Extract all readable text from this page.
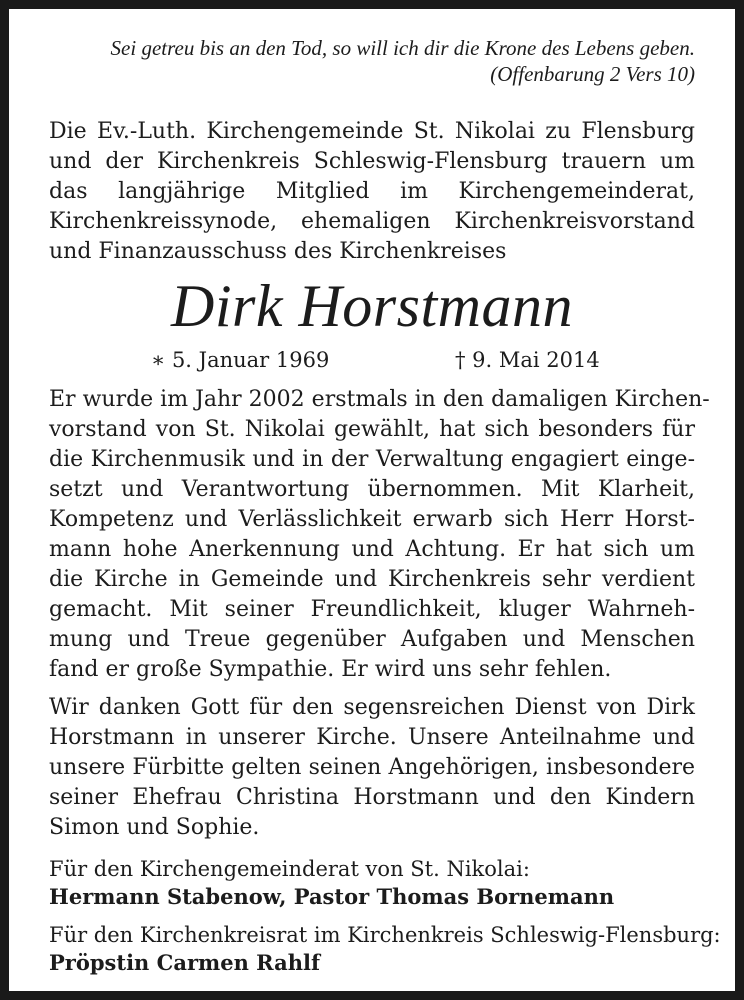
Sei getreu bis an den Tod, so will ich dir die Krone des Lebens geben.
(Offenbarung 2 Vers 10)
Die Ev.-Luth. Kirchengemeinde St. Nikolai zu Flensburg
und der Kirchenkreis Schleswig-Flensburg trauern um
das langjährige Mitglied im Kirchengemeinderat,
Kirchenkreissynode, ehemaligen Kirchenkreisvorstand
und Finanzausschuss des Kirchenkreises
Dirk Horstmann
∗ 5. Januar 1969	† 9. Mai 2014
Er wurde im Jahr 2002 erstmals in den damaligen Kirchen-
vorstand von St. Nikolai gewählt, hat sich besonders für
die Kirchenmusik und in der Verwaltung engagiert einge-
setzt und Verantwortung übernommen. Mit Klarheit,
Kompetenz und Verlässlichkeit erwarb sich Herr Horst-
mann hohe Anerkennung und Achtung. Er hat sich um
die Kirche in Gemeinde und Kirchenkreis sehr verdient
gemacht. Mit seiner Freundlichkeit, kluger Wahrneh-
mung und Treue gegenüber Aufgaben und Menschen
fand er große Sympathie. Er wird uns sehr fehlen.
Wir danken Gott für den segensreichen Dienst von Dirk
Horstmann in unserer Kirche. Unsere Anteilnahme und
unsere Fürbitte gelten seinen Angehörigen, insbesondere
seiner Ehefrau Christina Horstmann und den Kindern
Simon und Sophie.
Für den Kirchengemeinderat von St. Nikolai:
Hermann Stabenow, Pastor Thomas Bornemann
Für den Kirchenkreisrat im Kirchenkreis Schleswig-Flensburg:
Pröpstin Carmen Rahlf
